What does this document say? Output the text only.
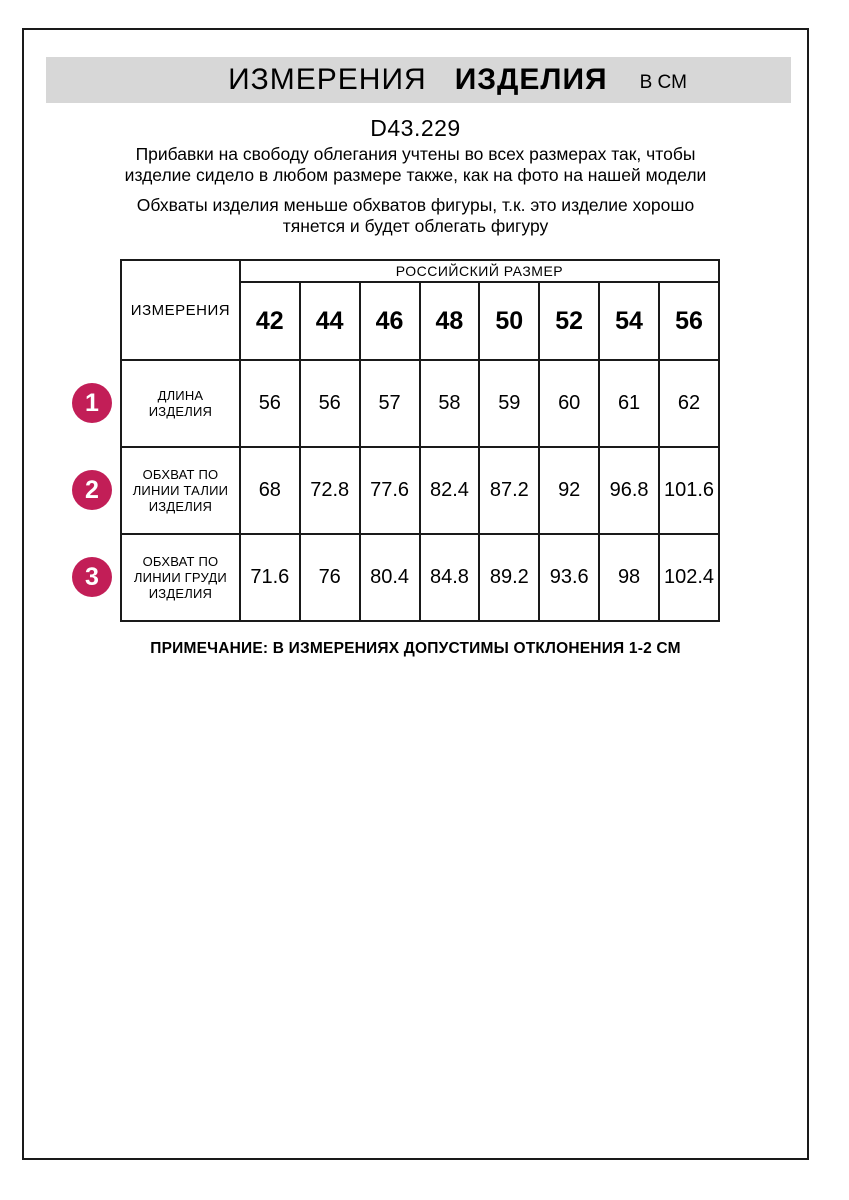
ИЗМЕРЕНИЯ ИЗДЕЛИЯ В СМ
D43.229

Прибавки на свободу облегания учтены во всех размерах так, чтобы изделие сидело в любом размере также, как на фото на нашей модели

Обхваты изделия меньше обхватов фигуры, т.к. это изделие хорошо тянется и будет облегать фигуру

1
2
3
ИЗМЕРЕНИЯ	РОССИЙСКИЙ РАЗМЕР							
	42	44	46	48	50	52	54	56
ДЛИНА ИЗДЕЛИЯ	56	56	57	58	59	60	61	62
ОБХВАТ ПО ЛИНИИ ТАЛИИ ИЗДЕЛИЯ	68	72.8	77.6	82.4	87.2	92	96.8	101.6
ОБХВАТ ПО ЛИНИИ ГРУДИ ИЗДЕЛИЯ	71.6	76	80.4	84.8	89.2	93.6	98	102.4
ПРИМЕЧАНИЕ: В ИЗМЕРЕНИЯХ ДОПУСТИМЫ ОТКЛОНЕНИЯ 1-2 СМ
